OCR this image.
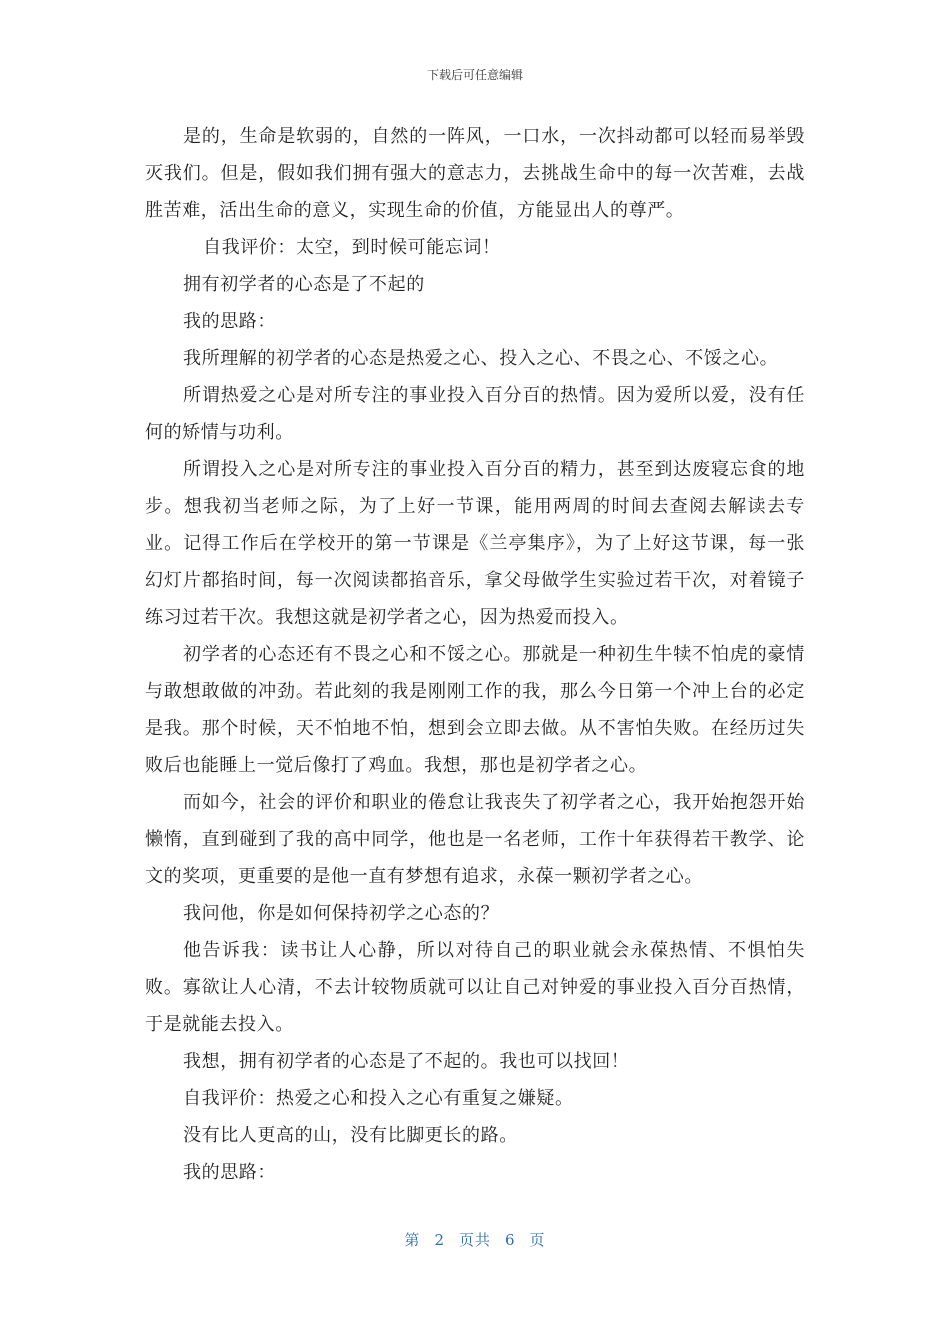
下载后可任意编辑

是的，生命是软弱的，自然的一阵风，一口水，一次抖动都可以轻而易举毁灭我们。但是，假如我们拥有强大的意志力，去挑战生命中的每一次苦难，去战胜苦难，活出生命的意义，实现生命的价值，方能显出人的尊严。

自我评价：太空，到时候可能忘词！

拥有初学者的心态是了不起的

我的思路：

我所理解的初学者的心态是热爱之心、投入之心、不畏之心、不馁之心。

所谓热爱之心是对所专注的事业投入百分百的热情。因为爱所以爱，没有任何的矫情与功利。

所谓投入之心是对所专注的事业投入百分百的精力，甚至到达废寝忘食的地步。想我初当老师之际，为了上好一节课，能用两周的时间去查阅去解读去专业。记得工作后在学校开的第一节课是《兰亭集序》，为了上好这节课，每一张幻灯片都掐时间，每一次阅读都掐音乐，拿父母做学生实验过若干次，对着镜子练习过若干次。我想这就是初学者之心，因为热爱而投入。

初学者的心态还有不畏之心和不馁之心。那就是一种初生牛犊不怕虎的豪情与敢想敢做的冲劲。若此刻的我是刚刚工作的我，那么今日第一个冲上台的必定是我。那个时候，天不怕地不怕，想到会立即去做。从不害怕失败。在经历过失败后也能睡上一觉后像打了鸡血。我想，那也是初学者之心。

而如今，社会的评价和职业的倦怠让我丧失了初学者之心，我开始抱怨开始懒惰，直到碰到了我的高中同学，他也是一名老师，工作十年获得若干教学、论文的奖项，更重要的是他一直有梦想有追求，永葆一颗初学者之心。

我问他，你是如何保持初学之心态的？

他告诉我：读书让人心静，所以对待自己的职业就会永葆热情、不惧怕失败。寡欲让人心清，不去计较物质就可以让自己对钟爱的事业投入百分百热情，于是就能去投入。

我想，拥有初学者的心态是了不起的。我也可以找回！

自我评价：热爱之心和投入之心有重复之嫌疑。

没有比人更高的山，没有比脚更长的路。

我的思路：

第 2 页共 6 页
